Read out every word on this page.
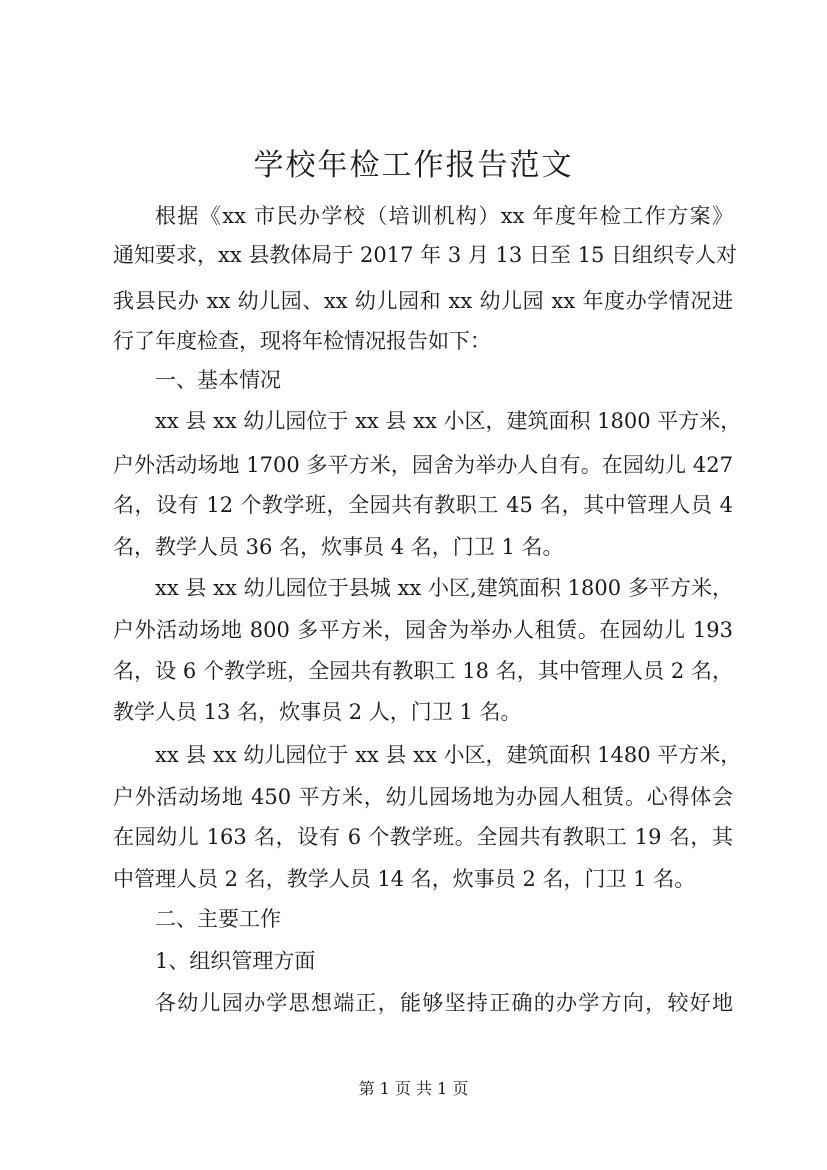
学校年检工作报告范文
根据《xx 市民办学校（培训机构）xx 年度年检工作方案》
通知要求，xx 县教体局于 2017 年 3 月 13 日至 15 日组织专人对
我县民办 xx 幼儿园、xx 幼儿园和 xx 幼儿园 xx 年度办学情况进
行了年度检查，现将年检情况报告如下：
一、基本情况
xx 县 xx 幼儿园位于 xx 县 xx 小区，建筑面积 1800 平方米，
户外活动场地 1700 多平方米，园舍为举办人自有。在园幼儿 427
名，设有 12 个教学班，全园共有教职工 45 名，其中管理人员 4
名，教学人员 36 名，炊事员 4 名，门卫 1 名。
xx 县 xx 幼儿园位于县城 xx 小区,建筑面积 1800 多平方米，
户外活动场地 800 多平方米，园舍为举办人租赁。在园幼儿 193
名，设 6 个教学班，全园共有教职工 18 名，其中管理人员 2 名，
教学人员 13 名，炊事员 2 人，门卫 1 名。
xx 县 xx 幼儿园位于 xx 县 xx 小区，建筑面积 1480 平方米，
户外活动场地 450 平方米，幼儿园场地为办园人租赁。心得体会
在园幼儿 163 名，设有 6 个教学班。全园共有教职工 19 名，其
中管理人员 2 名，教学人员 14 名，炊事员 2 名，门卫 1 名。
二、主要工作
1、组织管理方面
各幼儿园办学思想端正，能够坚持正确的办学方向，较好地
第 1 页 共 1 页
